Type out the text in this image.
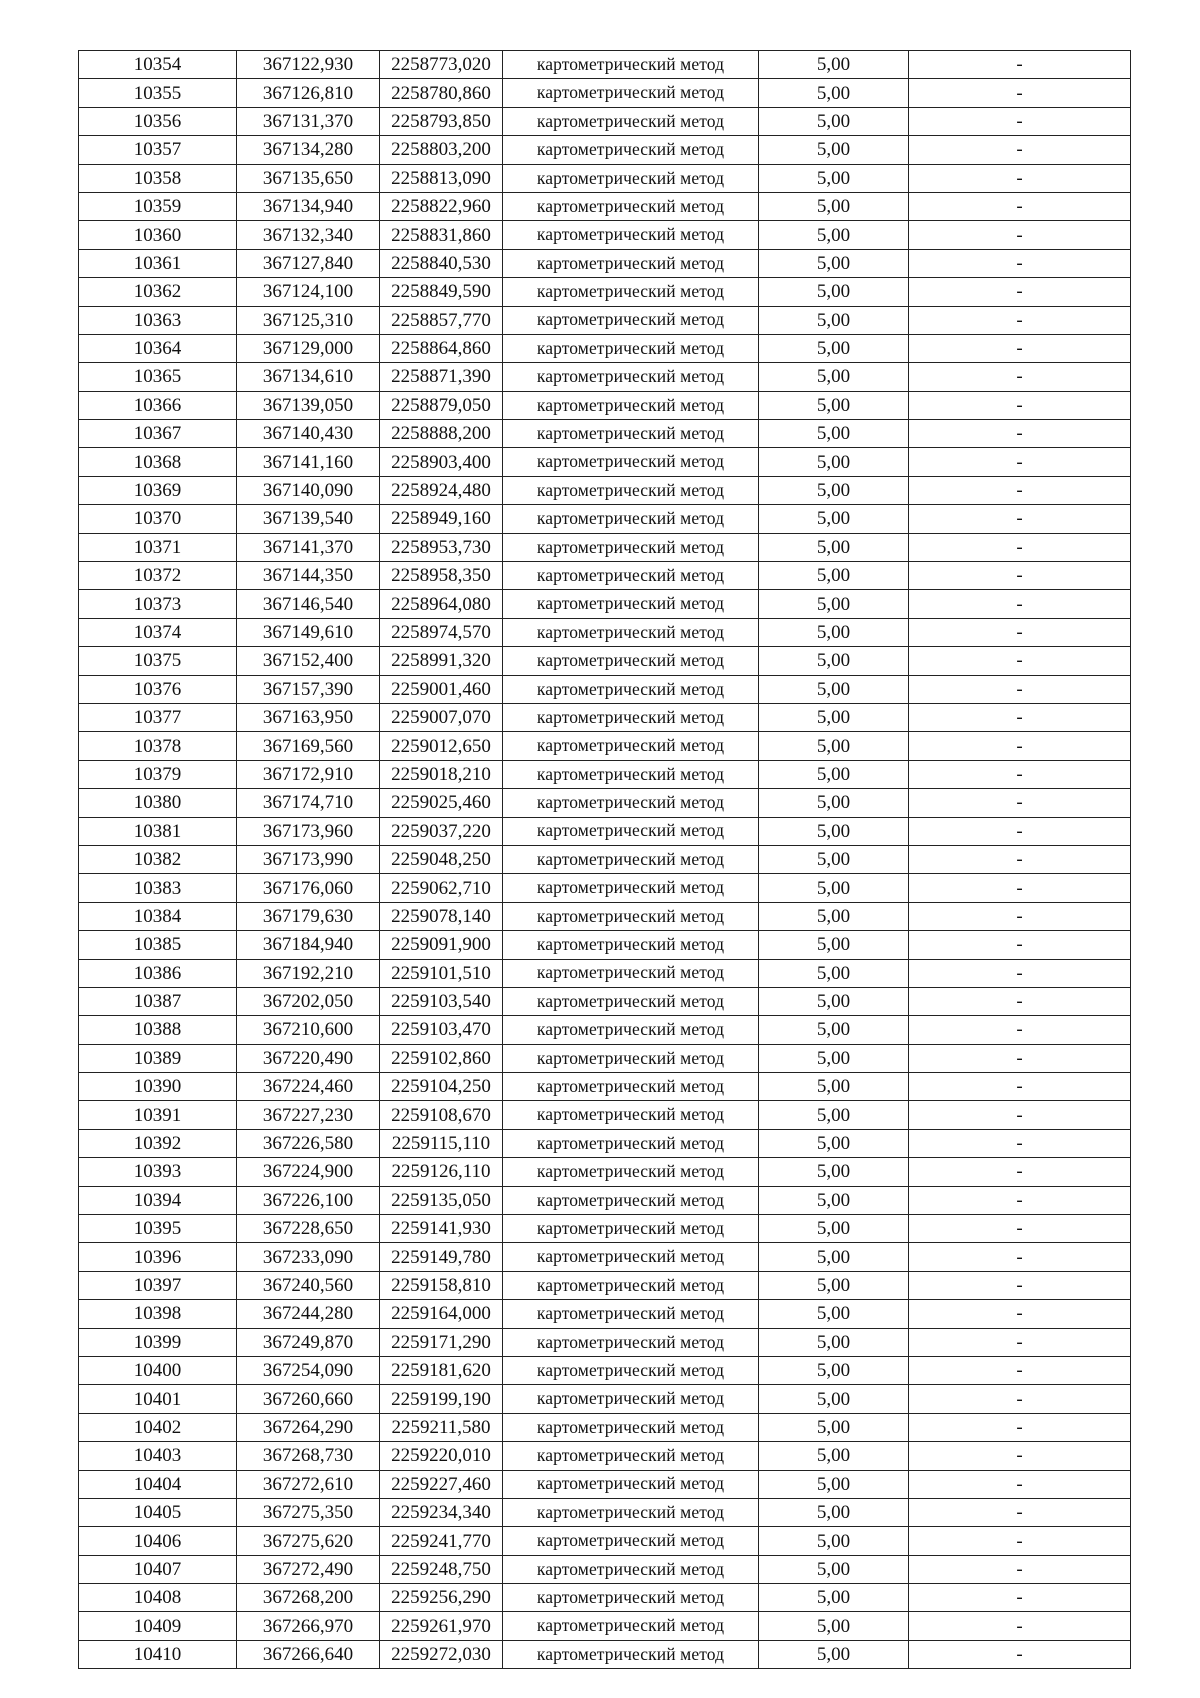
10354	367122,930	2258773,020	картометрический метод	5,00	-
10355	367126,810	2258780,860	картометрический метод	5,00	-
10356	367131,370	2258793,850	картометрический метод	5,00	-
10357	367134,280	2258803,200	картометрический метод	5,00	-
10358	367135,650	2258813,090	картометрический метод	5,00	-
10359	367134,940	2258822,960	картометрический метод	5,00	-
10360	367132,340	2258831,860	картометрический метод	5,00	-
10361	367127,840	2258840,530	картометрический метод	5,00	-
10362	367124,100	2258849,590	картометрический метод	5,00	-
10363	367125,310	2258857,770	картометрический метод	5,00	-
10364	367129,000	2258864,860	картометрический метод	5,00	-
10365	367134,610	2258871,390	картометрический метод	5,00	-
10366	367139,050	2258879,050	картометрический метод	5,00	-
10367	367140,430	2258888,200	картометрический метод	5,00	-
10368	367141,160	2258903,400	картометрический метод	5,00	-
10369	367140,090	2258924,480	картометрический метод	5,00	-
10370	367139,540	2258949,160	картометрический метод	5,00	-
10371	367141,370	2258953,730	картометрический метод	5,00	-
10372	367144,350	2258958,350	картометрический метод	5,00	-
10373	367146,540	2258964,080	картометрический метод	5,00	-
10374	367149,610	2258974,570	картометрический метод	5,00	-
10375	367152,400	2258991,320	картометрический метод	5,00	-
10376	367157,390	2259001,460	картометрический метод	5,00	-
10377	367163,950	2259007,070	картометрический метод	5,00	-
10378	367169,560	2259012,650	картометрический метод	5,00	-
10379	367172,910	2259018,210	картометрический метод	5,00	-
10380	367174,710	2259025,460	картометрический метод	5,00	-
10381	367173,960	2259037,220	картометрический метод	5,00	-
10382	367173,990	2259048,250	картометрический метод	5,00	-
10383	367176,060	2259062,710	картометрический метод	5,00	-
10384	367179,630	2259078,140	картометрический метод	5,00	-
10385	367184,940	2259091,900	картометрический метод	5,00	-
10386	367192,210	2259101,510	картометрический метод	5,00	-
10387	367202,050	2259103,540	картометрический метод	5,00	-
10388	367210,600	2259103,470	картометрический метод	5,00	-
10389	367220,490	2259102,860	картометрический метод	5,00	-
10390	367224,460	2259104,250	картометрический метод	5,00	-
10391	367227,230	2259108,670	картометрический метод	5,00	-
10392	367226,580	2259115,110	картометрический метод	5,00	-
10393	367224,900	2259126,110	картометрический метод	5,00	-
10394	367226,100	2259135,050	картометрический метод	5,00	-
10395	367228,650	2259141,930	картометрический метод	5,00	-
10396	367233,090	2259149,780	картометрический метод	5,00	-
10397	367240,560	2259158,810	картометрический метод	5,00	-
10398	367244,280	2259164,000	картометрический метод	5,00	-
10399	367249,870	2259171,290	картометрический метод	5,00	-
10400	367254,090	2259181,620	картометрический метод	5,00	-
10401	367260,660	2259199,190	картометрический метод	5,00	-
10402	367264,290	2259211,580	картометрический метод	5,00	-
10403	367268,730	2259220,010	картометрический метод	5,00	-
10404	367272,610	2259227,460	картометрический метод	5,00	-
10405	367275,350	2259234,340	картометрический метод	5,00	-
10406	367275,620	2259241,770	картометрический метод	5,00	-
10407	367272,490	2259248,750	картометрический метод	5,00	-
10408	367268,200	2259256,290	картометрический метод	5,00	-
10409	367266,970	2259261,970	картометрический метод	5,00	-
10410	367266,640	2259272,030	картометрический метод	5,00	-
